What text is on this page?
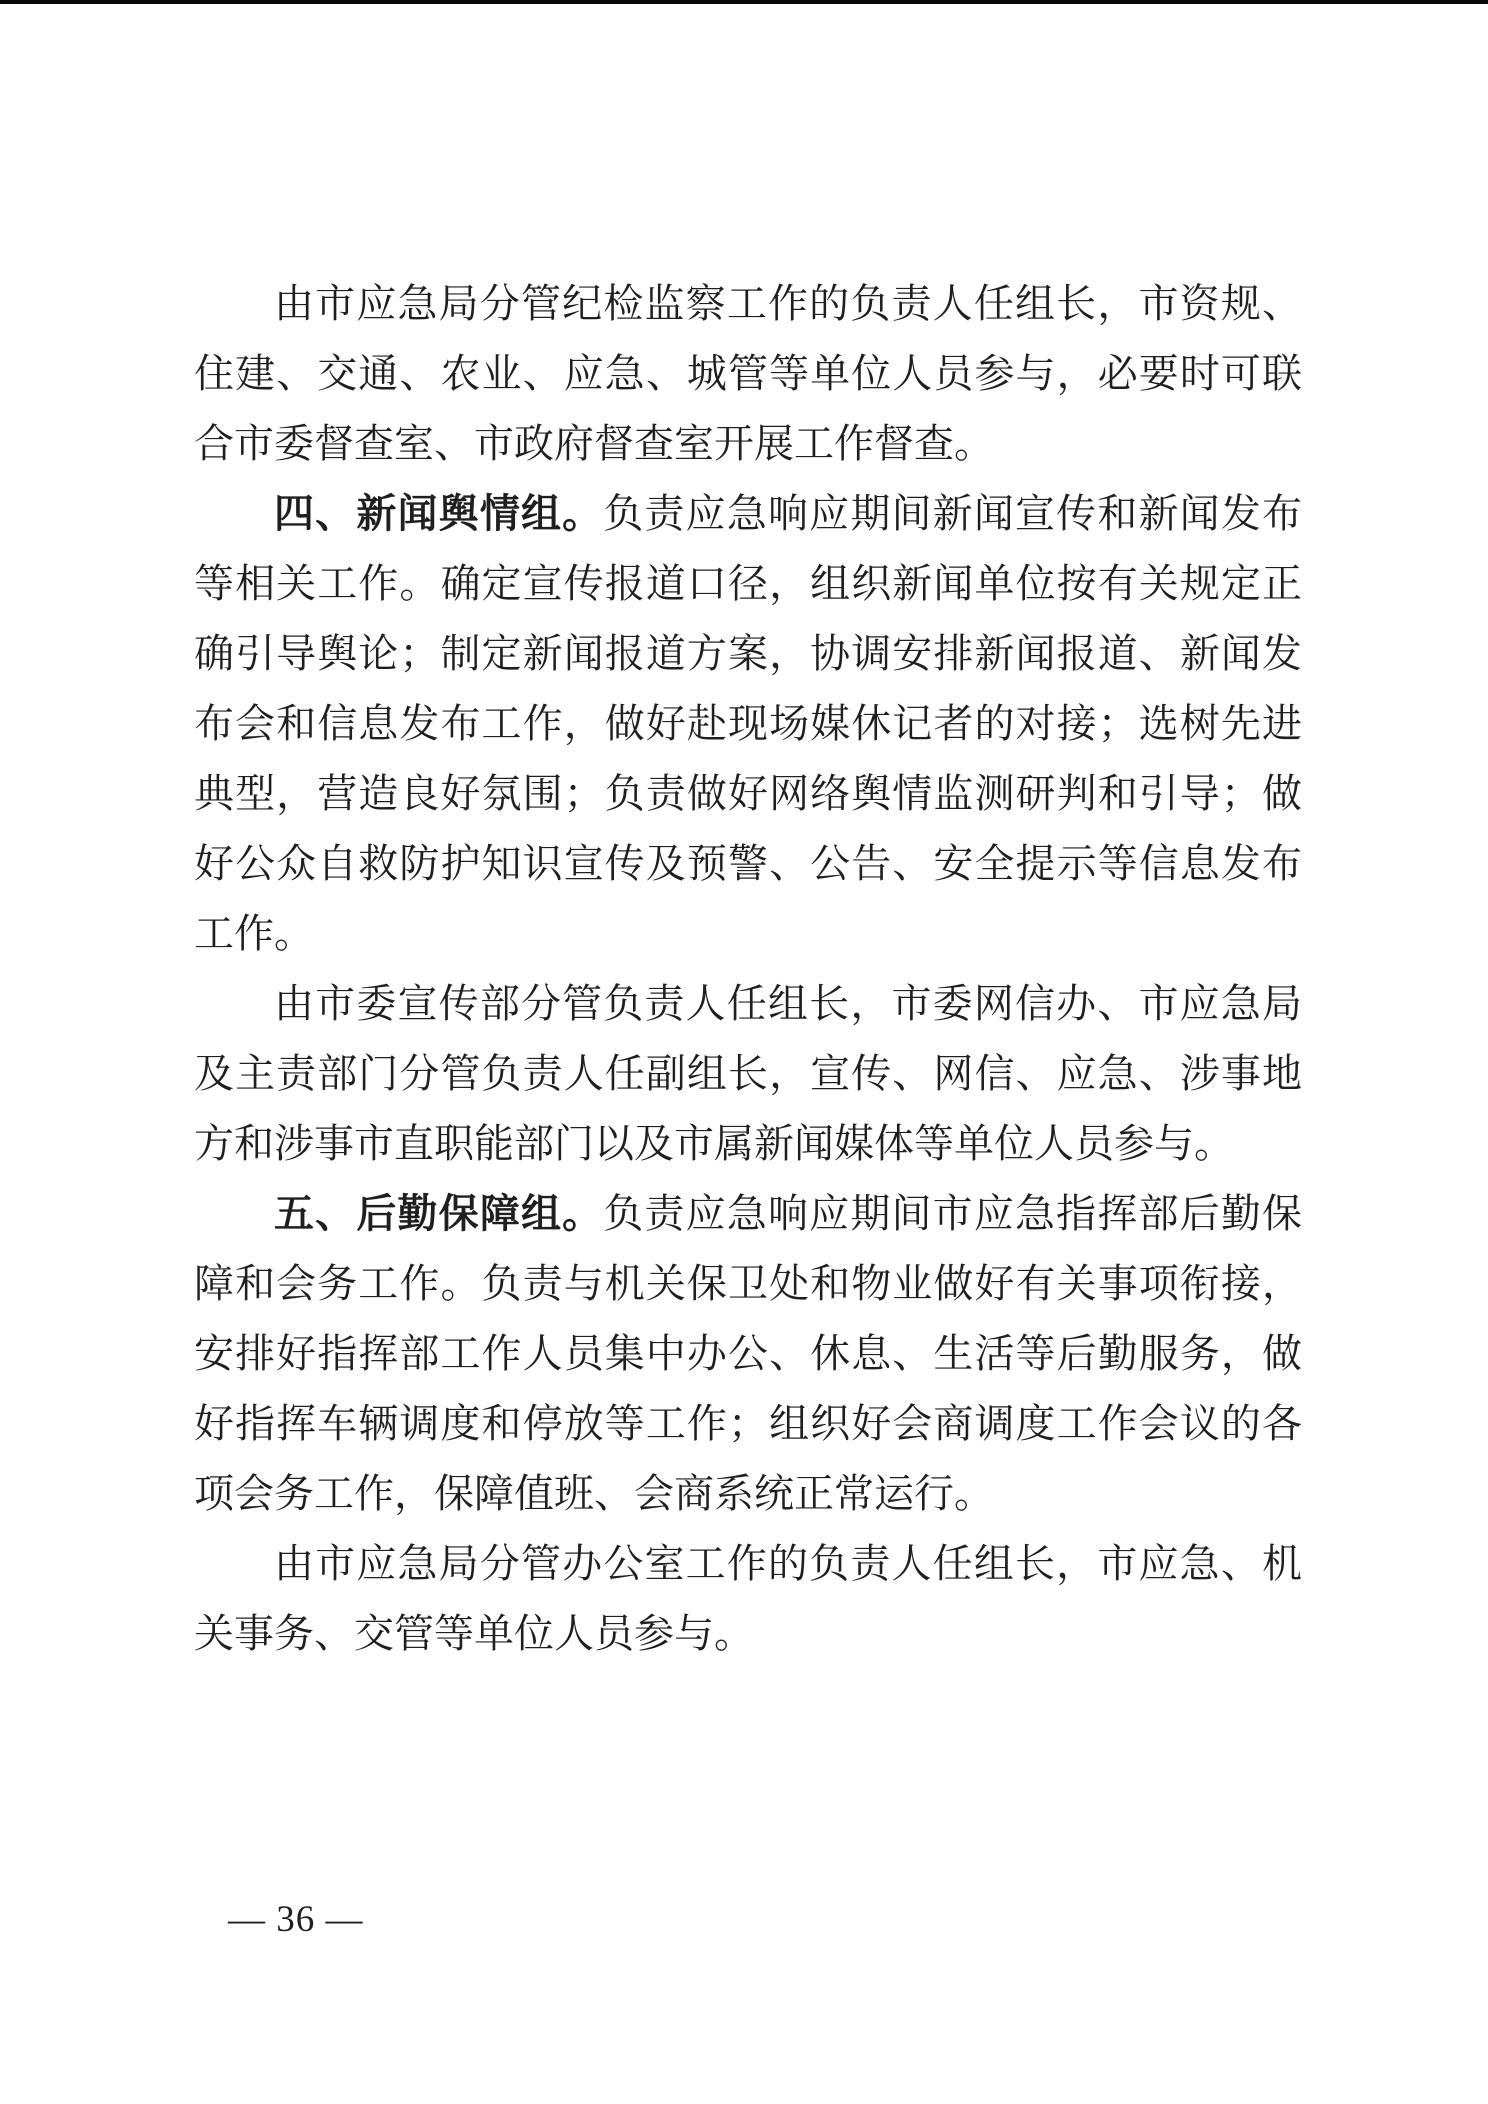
由市应急局分管纪检监察工作的负责人任组长，市资规、住建、交通、农业、应急、城管等单位人员参与，必要时可联合市委督查室、市政府督查室开展工作督查。

四、新闻舆情组。负责应急响应期间新闻宣传和新闻发布等相关工作。确定宣传报道口径，组织新闻单位按有关规定正确引导舆论；制定新闻报道方案，协调安排新闻报道、新闻发布会和信息发布工作，做好赴现场媒休记者的对接；选树先进典型，营造良好氛围；负责做好网络舆情监测研判和引导；做好公众自救防护知识宣传及预警、公告、安全提示等信息发布工作。

由市委宣传部分管负责人任组长，市委网信办、市应急局及主责部门分管负责人任副组长，宣传、网信、应急、涉事地方和涉事市直职能部门以及市属新闻媒体等单位人员参与。

五、后勤保障组。负责应急响应期间市应急指挥部后勤保障和会务工作。负责与机关保卫处和物业做好有关事项衔接，安排好指挥部工作人员集中办公、休息、生活等后勤服务，做好指挥车辆调度和停放等工作；组织好会商调度工作会议的各项会务工作，保障值班、会商系统正常运行。

由市应急局分管办公室工作的负责人任组长，市应急、机关事务、交管等单位人员参与。

— 36 —
